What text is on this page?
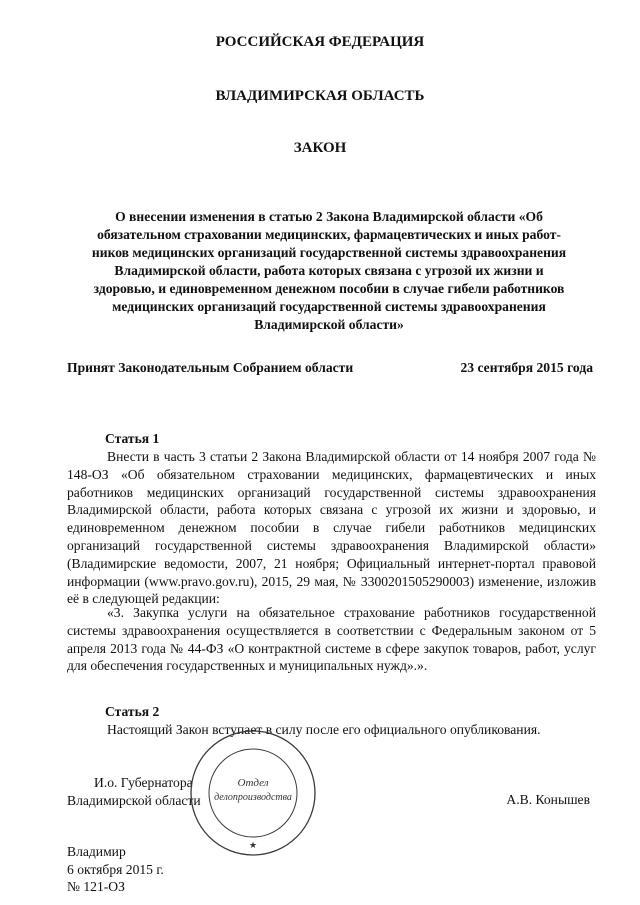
РОССИЙСКАЯ ФЕДЕРАЦИЯ
ВЛАДИМИРСКАЯ ОБЛАСТЬ
ЗАКОН
О внесении изменения в статью 2 Закона Владимирской области «Об
обязательном страховании медицинских, фармацевтических и иных работ-
ников медицинских организаций государственной системы здравоохранения
Владимирской области, работа которых связана с угрозой их жизни и
здоровью, и единовременном денежном пособии в случае гибели работников
медицинских организаций государственной системы здравоохранения
Владимирской области»
Принят Законодательным Собранием области	23 сентября 2015 года
Статья 1

Внести в часть 3 статьи 2 Закона Владимирской области от 14 ноября 2007 года № 148-ОЗ «Об обязательном страховании медицинских, фармацевтических и иных работников медицинских организаций государственной системы здравоохранения Владимирской области, работа которых связана с угрозой их жизни и здоровью, и единовременном денежном пособии в случае гибели работников медицинских организаций государственной системы здравоохранения Владимирской области» (Владимирские ведомости, 2007, 21 ноября; Официальный интернет-портал правовой информации (www.pravo.gov.ru), 2015, 29 мая, № 3300201505290003) изменение, изложив её в следующей редакции:

«3. Закупка услуги на обязательное страхование работников государственной системы здравоохранения осуществляется в соответствии с Федеральным законом от 5 апреля 2013 года № 44-ФЗ «О контрактной системе в сфере закупок товаров, работ, услуг для обеспечения государственных и муниципальных нужд».».

Статья 2

Настоящий Закон вступает в силу после его официального опубликования.

И.о. Губернатора
Владимирской области	А.В. Конышев
Отдел
делопроизводства
★
Владимир
6 октября 2015 г.
№ 121-ОЗ
